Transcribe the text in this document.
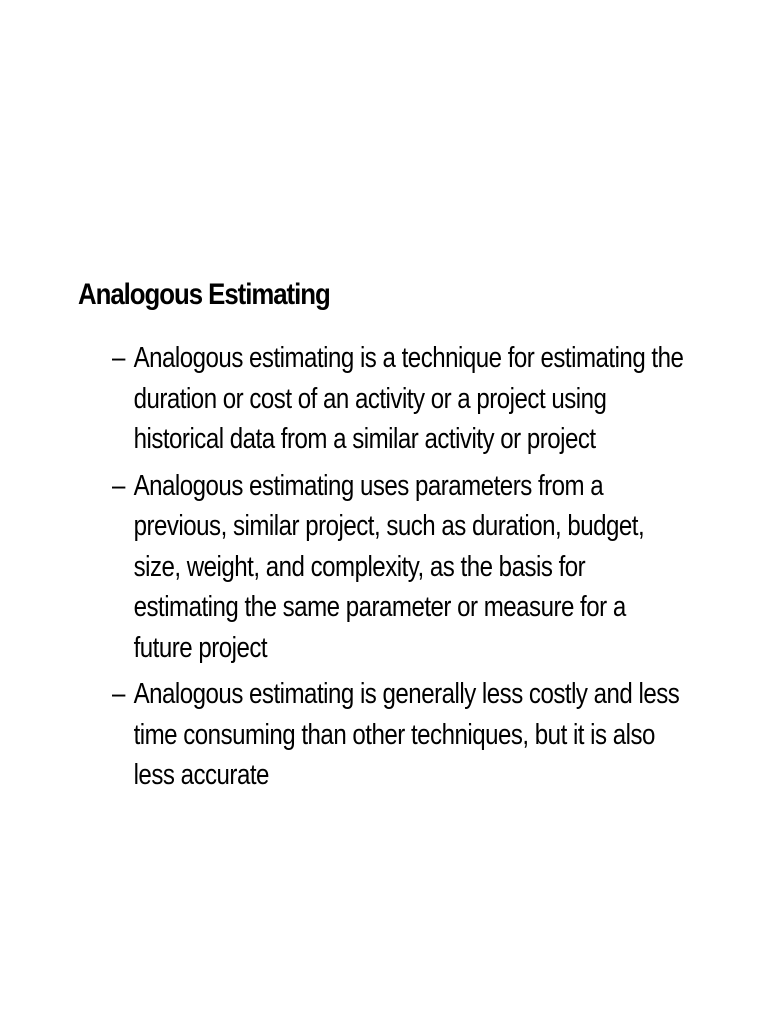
Analogous Estimating
– Analogous estimating is a technique for estimating the duration or cost of an activity or a project using historical data from a similar activity or project
– Analogous estimating uses parameters from a previous, similar project, such as duration, budget, size, weight, and complexity, as the basis for estimating the same parameter or measure for a future project
– Analogous estimating is generally less costly and less time consuming than other techniques, but it is also less accurate
